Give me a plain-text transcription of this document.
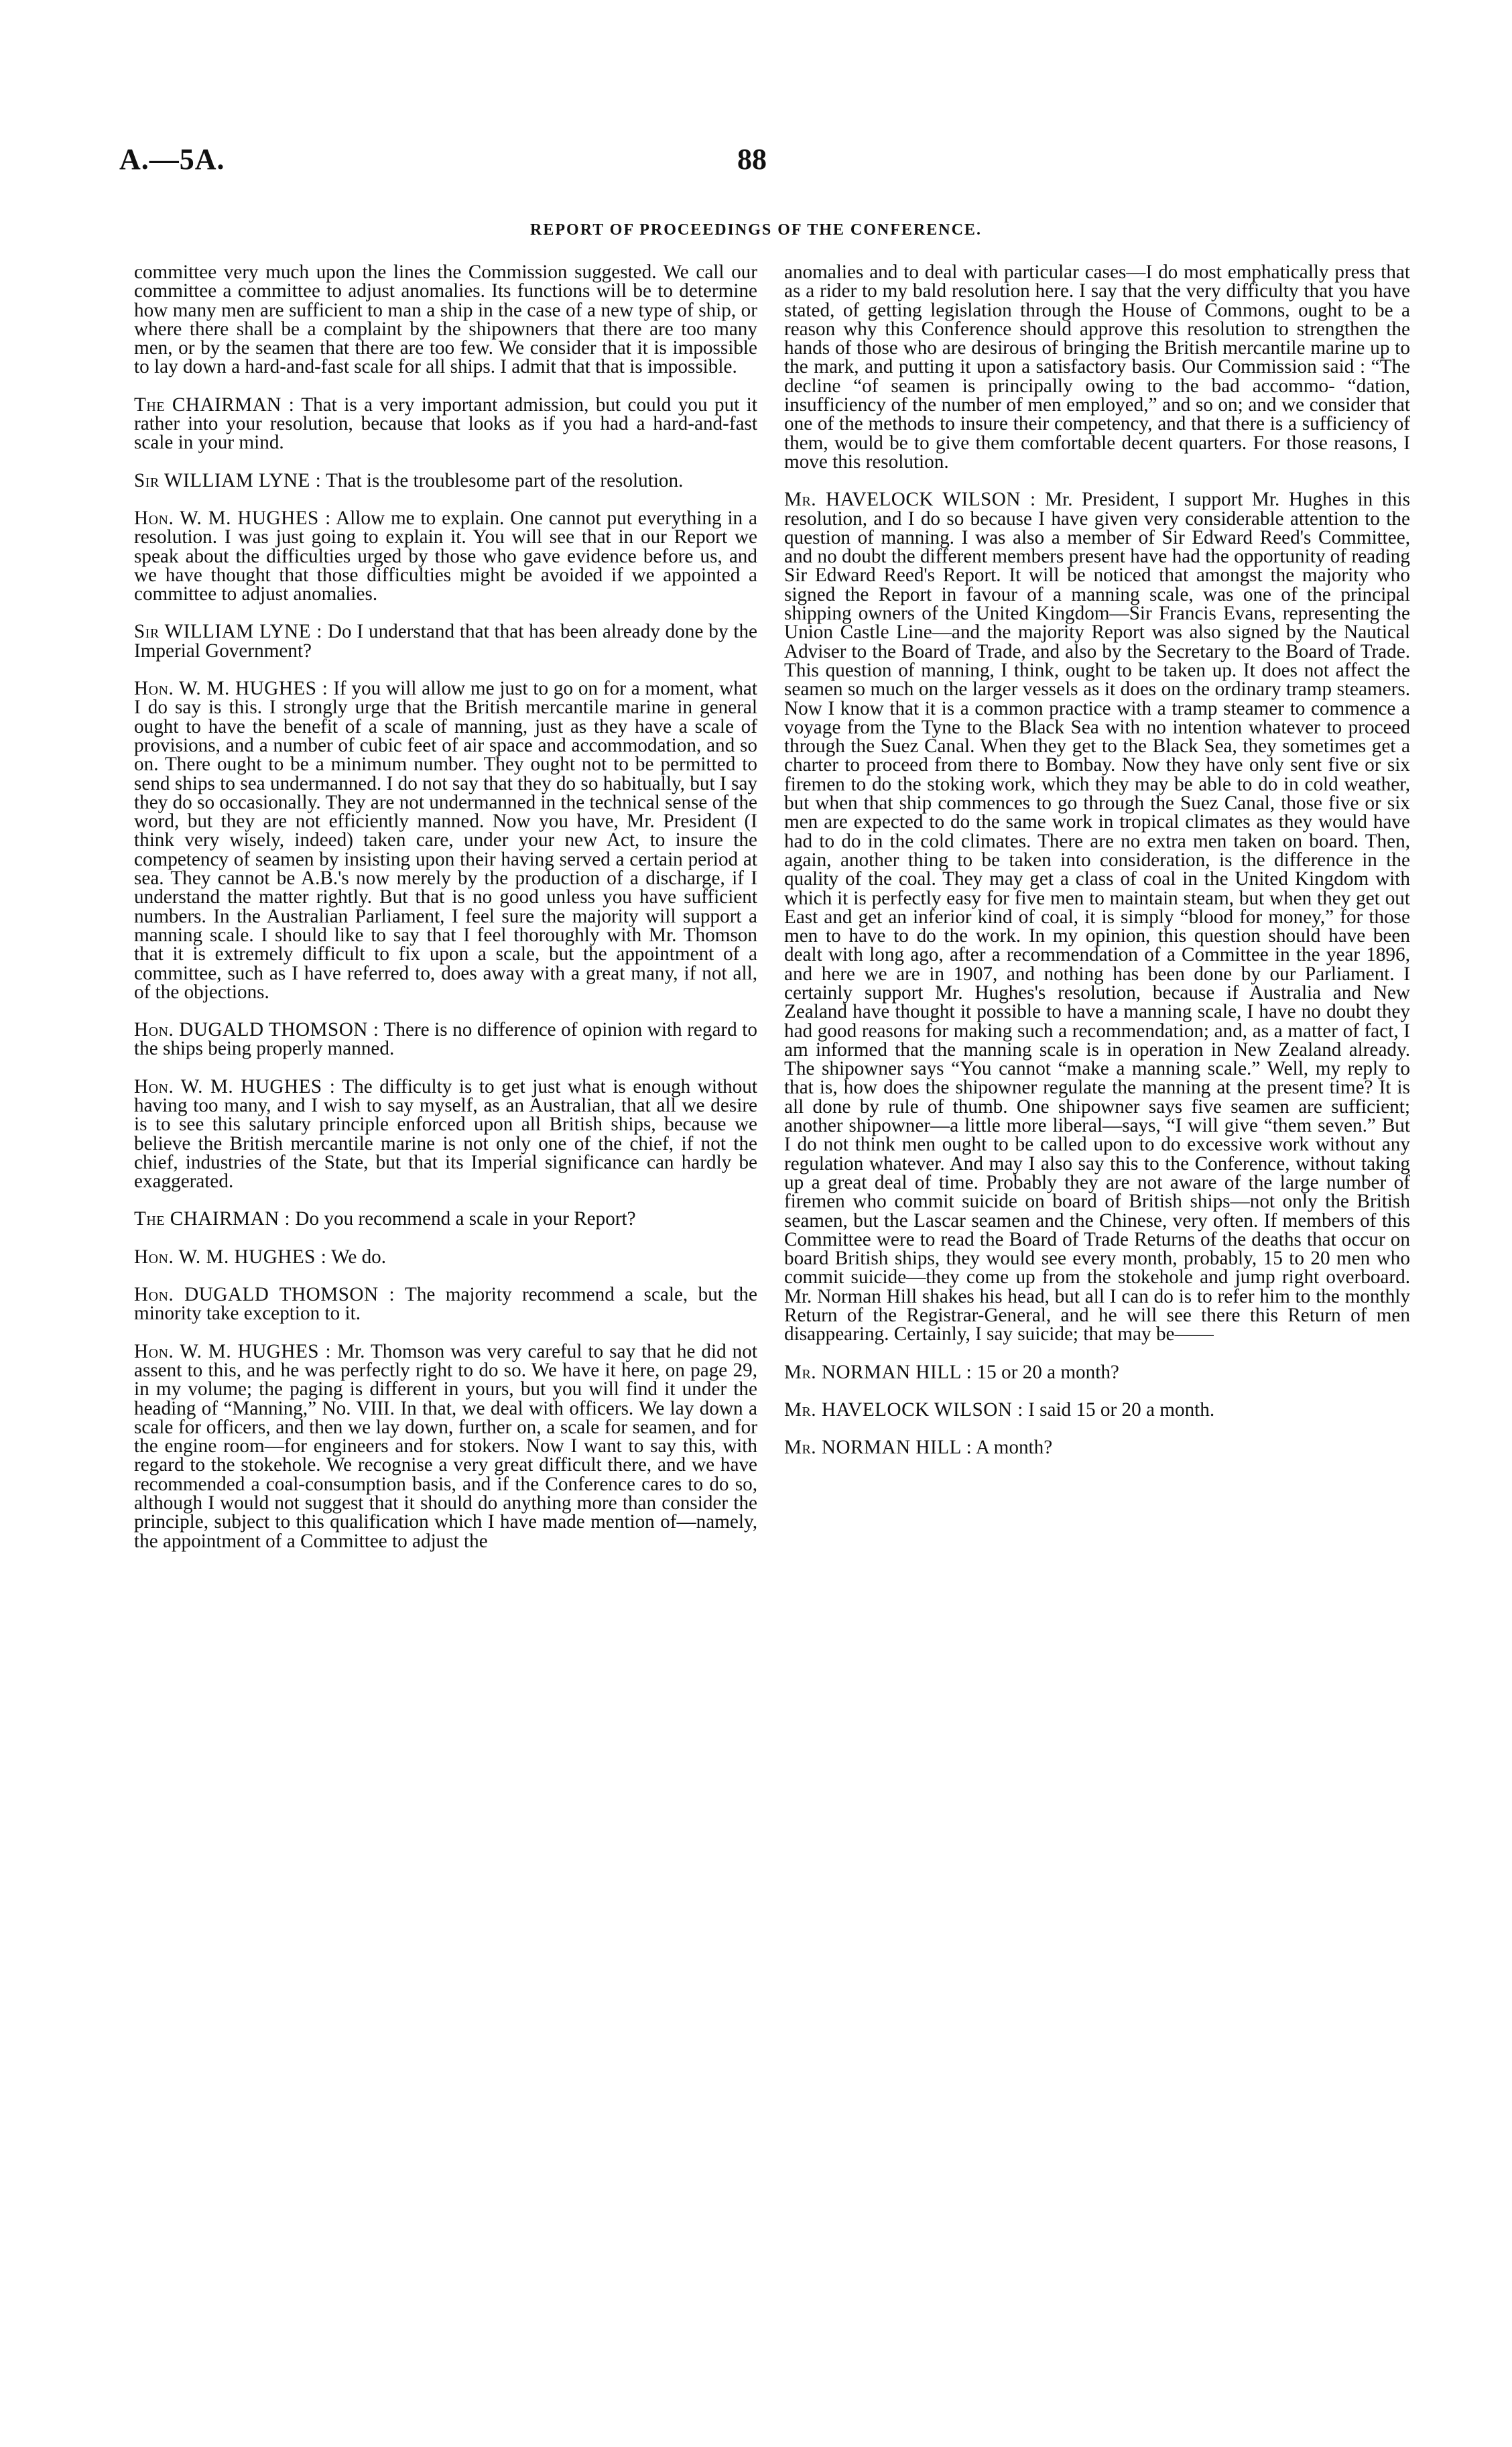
A.—5A.	88
REPORT OF PROCEEDINGS OF THE CONFERENCE.

committee very much upon the lines the Commission suggested. We call our committee a committee to adjust anomalies. Its functions will be to determine how many men are sufficient to man a ship in the case of a new type of ship, or where there shall be a complaint by the shipowners that there are too many men, or by the seamen that there are too few. We consider that it is impossible to lay down a hard-and-fast scale for all ships. I admit that that is impossible.

The CHAIRMAN : That is a very important admission, but could you put it rather into your resolution, because that looks as if you had a hard-and-fast scale in your mind.

Sir WILLIAM LYNE : That is the troublesome part of the resolution.

Hon. W. M. HUGHES : Allow me to explain. One cannot put everything in a resolution. I was just going to explain it. You will see that in our Report we speak about the difficulties urged by those who gave evidence before us, and we have thought that those difficulties might be avoided if we appointed a committee to adjust anomalies.

Sir WILLIAM LYNE : Do I understand that that has been already done by the Imperial Government?

Hon. W. M. HUGHES : If you will allow me just to go on for a moment, what I do say is this. I strongly urge that the British mercantile marine in general ought to have the benefit of a scale of manning, just as they have a scale of provisions, and a number of cubic feet of air space and accommodation, and so on. There ought to be a minimum number. They ought not to be permitted to send ships to sea undermanned. I do not say that they do so habitually, but I say they do so occasionally. They are not undermanned in the technical sense of the word, but they are not efficiently manned. Now you have, Mr. President (I think very wisely, indeed) taken care, under your new Act, to insure the competency of seamen by insisting upon their having served a certain period at sea. They cannot be A.B.'s now merely by the production of a discharge, if I understand the matter rightly. But that is no good unless you have sufficient numbers. In the Australian Parliament, I feel sure the majority will support a manning scale. I should like to say that I feel thoroughly with Mr. Thomson that it is extremely difficult to fix upon a scale, but the appointment of a committee, such as I have referred to, does away with a great many, if not all, of the objections.

Hon. DUGALD THOMSON : There is no difference of opinion with regard to the ships being properly manned.

Hon. W. M. HUGHES : The difficulty is to get just what is enough without having too many, and I wish to say myself, as an Australian, that all we desire is to see this salutary principle enforced upon all British ships, because we believe the British mercantile marine is not only one of the chief, if not the chief, industries of the State, but that its Imperial significance can hardly be exaggerated.

The CHAIRMAN : Do you recommend a scale in your Report?

Hon. W. M. HUGHES : We do.

Hon. DUGALD THOMSON : The majority recommend a scale, but the minority take exception to it.

Hon. W. M. HUGHES : Mr. Thomson was very careful to say that he did not assent to this, and he was perfectly right to do so. We have it here, on page 29, in my volume; the paging is different in yours, but you will find it under the heading of “Manning,” No. VIII. In that, we deal with officers. We lay down a scale for officers, and then we lay down, further on, a scale for seamen, and for the engine room—for engineers and for stokers. Now I want to say this, with regard to the stokehole. We recognise a very great difficult there, and we have recommended a coal-consumption basis, and if the Conference cares to do so, although I would not suggest that it should do anything more than consider the principle, subject to this qualification which I have made mention of—namely, the appointment of a Committee to adjust the

anomalies and to deal with particular cases—I do most emphatically press that as a rider to my bald resolution here. I say that the very difficulty that you have stated, of getting legislation through the House of Commons, ought to be a reason why this Conference should approve this resolution to strengthen the hands of those who are desirous of bringing the British mercantile marine up to the mark, and putting it upon a satisfactory basis. Our Commission said : “The decline “of seamen is principally owing to the bad accommo- “dation, insufficiency of the number of men employed,” and so on; and we consider that one of the methods to insure their competency, and that there is a sufficiency of them, would be to give them comfortable decent quarters. For those reasons, I move this resolution.

Mr. HAVELOCK WILSON : Mr. President, I support Mr. Hughes in this resolution, and I do so because I have given very considerable attention to the question of manning. I was also a member of Sir Edward Reed's Committee, and no doubt the different members present have had the opportunity of reading Sir Edward Reed's Report. It will be noticed that amongst the majority who signed the Report in favour of a manning scale, was one of the principal shipping owners of the United Kingdom—Sir Francis Evans, representing the Union Castle Line—and the majority Report was also signed by the Nautical Adviser to the Board of Trade, and also by the Secretary to the Board of Trade. This question of manning, I think, ought to be taken up. It does not affect the seamen so much on the larger vessels as it does on the ordinary tramp steamers. Now I know that it is a common practice with a tramp steamer to commence a voyage from the Tyne to the Black Sea with no intention whatever to proceed through the Suez Canal. When they get to the Black Sea, they sometimes get a charter to proceed from there to Bombay. Now they have only sent five or six firemen to do the stoking work, which they may be able to do in cold weather, but when that ship commences to go through the Suez Canal, those five or six men are expected to do the same work in tropical climates as they would have had to do in the cold climates. There are no extra men taken on board. Then, again, another thing to be taken into consideration, is the difference in the quality of the coal. They may get a class of coal in the United Kingdom with which it is perfectly easy for five men to maintain steam, but when they get out East and get an inferior kind of coal, it is simply “blood for money,” for those men to have to do the work. In my opinion, this question should have been dealt with long ago, after a recommendation of a Committee in the year 1896, and here we are in 1907, and nothing has been done by our Parliament. I certainly support Mr. Hughes's resolution, because if Australia and New Zealand have thought it possible to have a manning scale, I have no doubt they had good reasons for making such a recommendation; and, as a matter of fact, I am informed that the manning scale is in operation in New Zealand already. The shipowner says “You cannot “make a manning scale.” Well, my reply to that is, how does the shipowner regulate the manning at the present time? It is all done by rule of thumb. One shipowner says five seamen are sufficient; another shipowner—a little more liberal—says, “I will give “them seven.” But I do not think men ought to be called upon to do excessive work without any regulation whatever. And may I also say this to the Conference, without taking up a great deal of time. Probably they are not aware of the large number of firemen who commit suicide on board of British ships—not only the British seamen, but the Lascar seamen and the Chinese, very often. If members of this Committee were to read the Board of Trade Returns of the deaths that occur on board British ships, they would see every month, probably, 15 to 20 men who commit suicide—they come up from the stokehole and jump right overboard. Mr. Norman Hill shakes his head, but all I can do is to refer him to the monthly Return of the Registrar-General, and he will see there this Return of men disappearing. Certainly, I say suicide; that may be——

Mr. NORMAN HILL : 15 or 20 a month?

Mr. HAVELOCK WILSON : I said 15 or 20 a month.

Mr. NORMAN HILL : A month?
